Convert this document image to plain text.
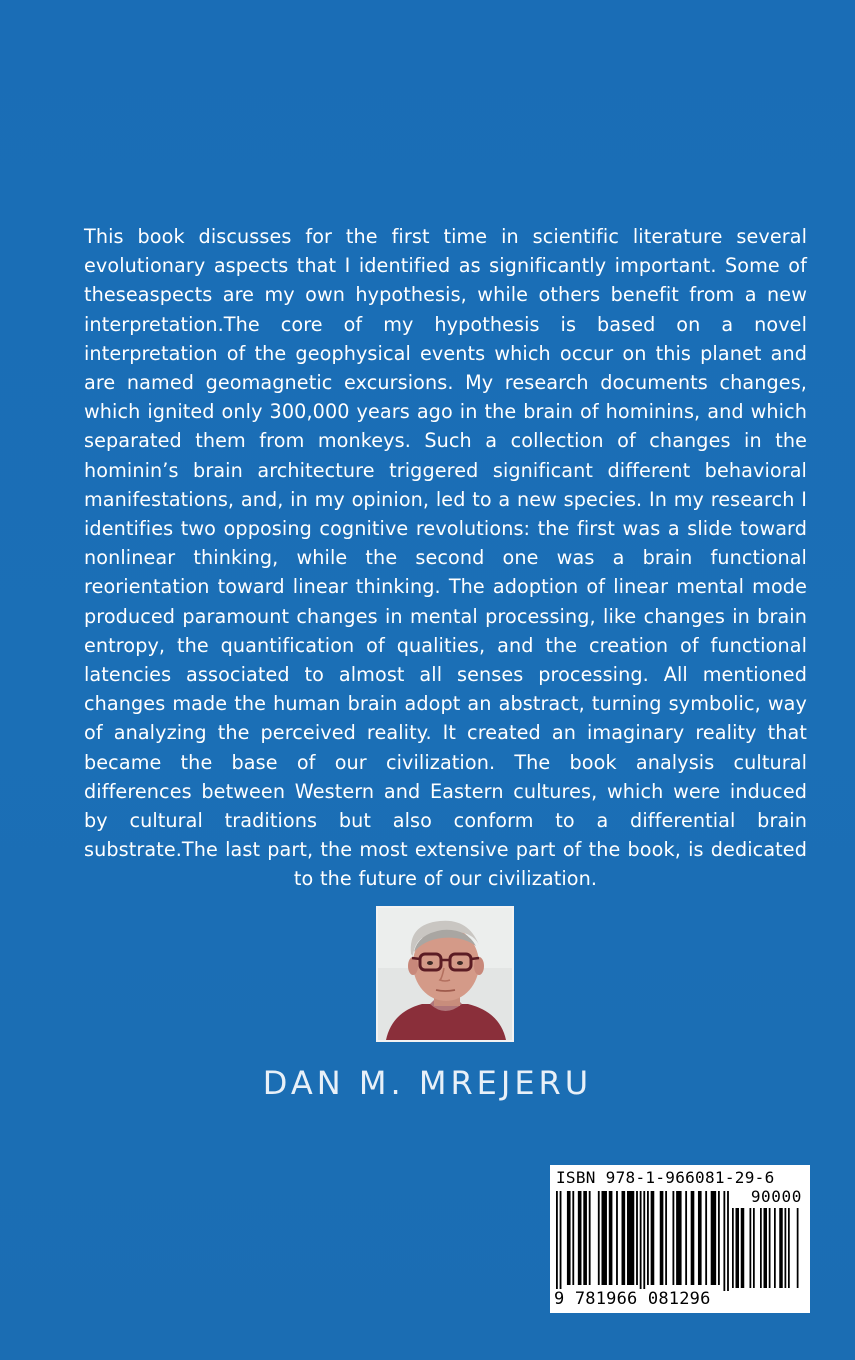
This book discusses for the first time in scientific literature several evolutionary aspects that I identified as significantly important. Some of theseaspects are my own hypothesis, while others benefit from a new interpretation.The core of my hypothesis is based on a novel interpretation of the geophysical events which occur on this planet and are named geomagnetic excursions. My research documents changes, which ignited only 300,000 years ago in the brain of hominins, and which separated them from monkeys. Such a collection of changes in the hominin’s brain architecture triggered significant different behavioral manifestations, and, in my opinion, led to a new species. In my research I identifies two opposing cognitive revolutions: the first was a slide toward nonlinear thinking, while the second one was a brain functional reorientation toward linear thinking. The adoption of linear mental mode produced paramount changes in mental processing, like changes in brain entropy, the quantification of qualities, and the creation of functional latencies associated to almost all senses processing. All mentioned changes made the human brain adopt an abstract, turning symbolic, way of analyzing the perceived reality. It created an imaginary reality that became the base of our civilization. The book analysis cultural differences between Western and Eastern cultures, which were induced by cultural traditions but also conform to a differential brain substrate.The last part, the most extensive part of the book, is dedicated to the future of our civilization.

DAN M. MREJERU
ISBN 978-1-966081-29-6
90000
9 781966 081296
